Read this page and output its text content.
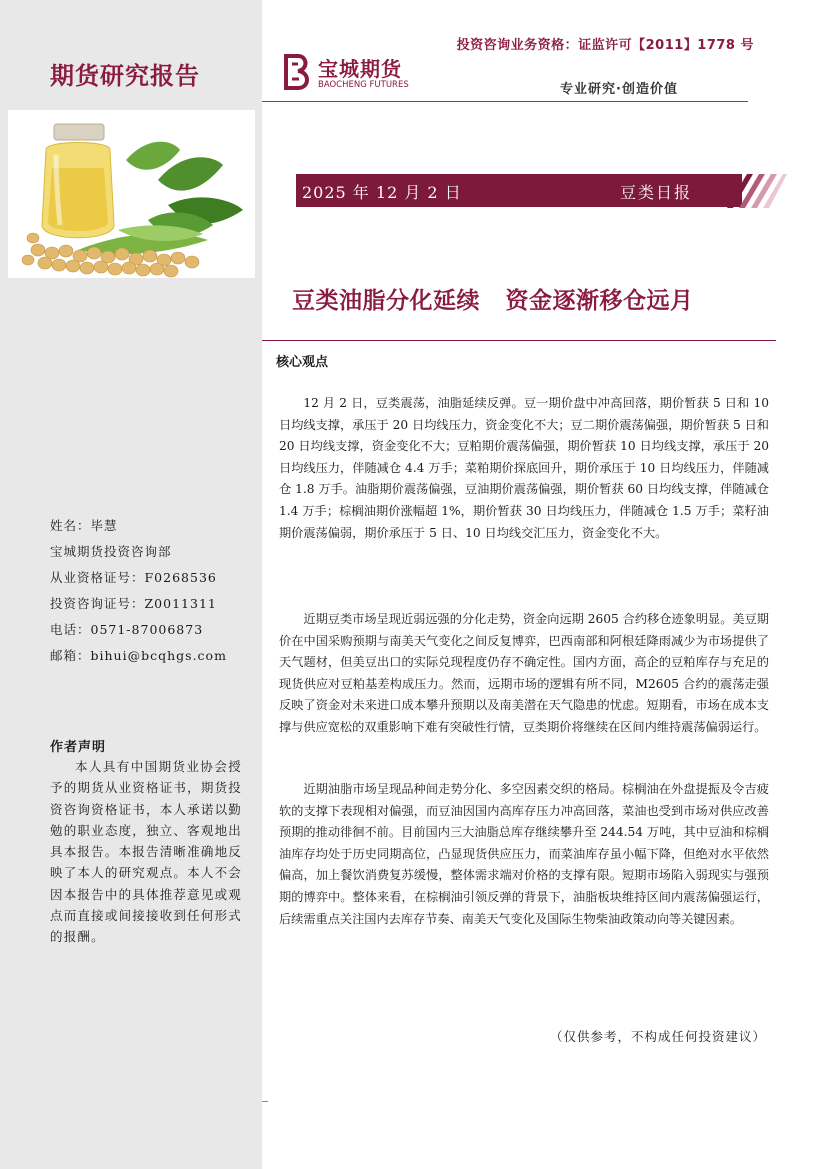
期货研究报告
姓名：毕慧
宝城期货投资咨询部
从业资格证号：F0268536
投资咨询证号：Z0011311
电话：0571-87006873
邮箱：bihui@bcqhgs.com
作者声明
本人具有中国期货业协会授予的期货从业资格证书，期货投资咨询资格证书，本人承诺以勤勉的职业态度，独立、客观地出具本报告。本报告清晰准确地反映了本人的研究观点。本人不会因本报告中的具体推荐意见或观点而直接或间接接收到任何形式的报酬。
投资咨询业务资格：证监许可【2011】1778 号
宝城期货
BAOCHENG FUTURES	专业研究·创造价值
2025 年 12 月 2 日	豆类日报
豆类油脂分化延续   资金逐渐移仓远月
核心观点

12 月 2 日，豆类震荡，油脂延续反弹。豆一期价盘中冲高回落，期价暂获 5 日和 10 日均线支撑，承压于 20 日均线压力，资金变化不大；豆二期价震荡偏强，期价暂获 5 日和 20 日均线支撑，资金变化不大；豆粕期价震荡偏强，期价暂获 10 日均线支撑，承压于 20 日均线压力，伴随减仓 4.4 万手；菜粕期价探底回升，期价承压于 10 日均线压力，伴随减仓 1.8 万手。油脂期价震荡偏强，豆油期价震荡偏强，期价暂获 60 日均线支撑，伴随减仓 1.4 万手；棕榈油期价涨幅超 1%，期价暂获 30 日均线压力，伴随减仓 1.5 万手；菜籽油期价震荡偏弱，期价承压于 5 日、10 日均线交汇压力，资金变化不大。

近期豆类市场呈现近弱远强的分化走势，资金向远期 2605 合约移仓迹象明显。美豆期价在中国采购预期与南美天气变化之间反复博弈，巴西南部和阿根廷降雨减少为市场提供了天气题材，但美豆出口的实际兑现程度仍存不确定性。国内方面，高企的豆粕库存与充足的现货供应对豆粕基差构成压力。然而，远期市场的逻辑有所不同，M2605 合约的震荡走强反映了资金对未来进口成本攀升预期以及南美潜在天气隐患的忧虑。短期看，市场在成本支撑与供应宽松的双重影响下难有突破性行情，豆类期价将继续在区间内维持震荡偏弱运行。

近期油脂市场呈现品种间走势分化、多空因素交织的格局。棕榈油在外盘提振及令吉疲软的支撑下表现相对偏强，而豆油因国内高库存压力冲高回落，菜油也受到市场对供应改善预期的推动徘徊不前。目前国内三大油脂总库存继续攀升至 244.54 万吨，其中豆油和棕榈油库存均处于历史同期高位，凸显现货供应压力，而菜油库存虽小幅下降，但绝对水平依然偏高，加上餐饮消费复苏缓慢，整体需求端对价格的支撑有限。短期市场陷入弱现实与强预期的博弈中。整体来看，在棕榈油引领反弹的背景下，油脂板块维持区间内震荡偏强运行，后续需重点关注国内去库存节奏、南美天气变化及国际生物柴油政策动向等关键因素。

（仅供参考，不构成任何投资建议）
